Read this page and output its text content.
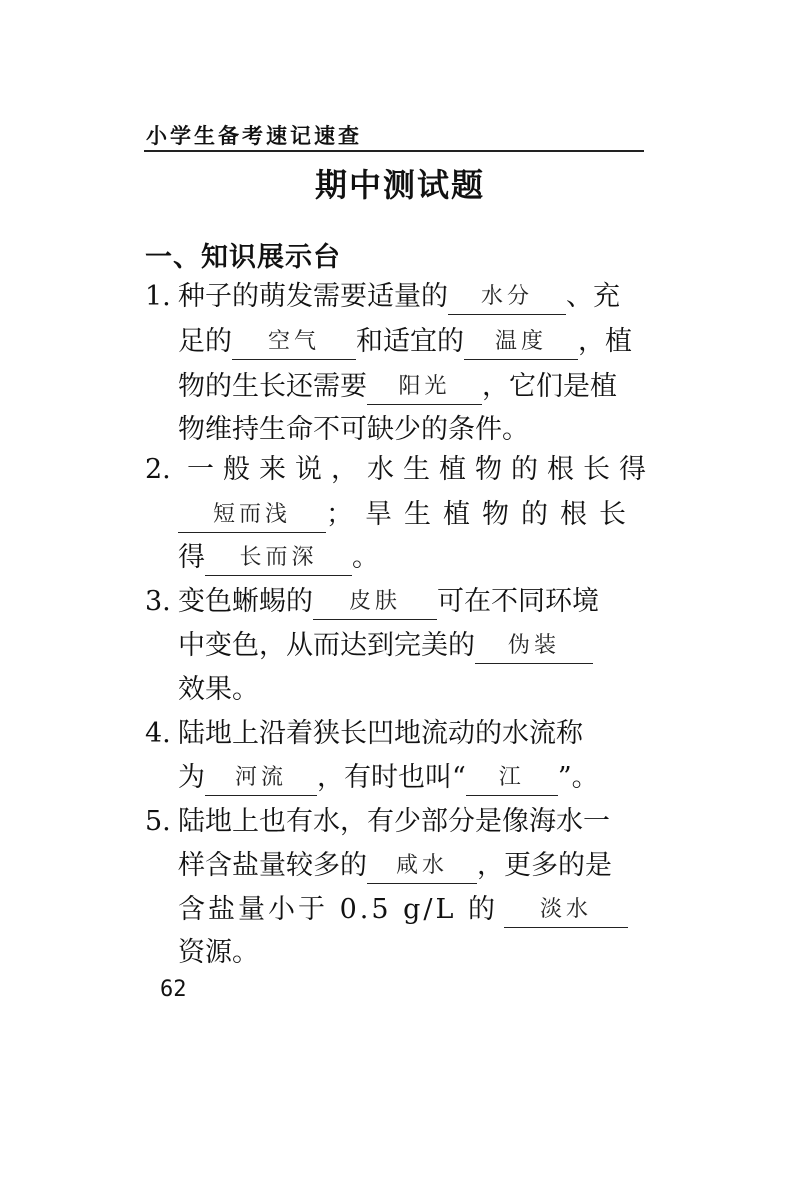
小学生备考速记速查
期中测试题
一、知识展示台
1. 种子的萌发需要适量的 水分 、充
足的 空气 和适宜的 温度 ，植
物的生长还需要 阳光 ，它们是植
物维持生命不可缺少的条件。
2. 一般来说，水生植物的根长得
短而浅 ；旱生植物的根长
得 长而深 。
3. 变色蜥蜴的 皮肤 可在不同环境
中变色，从而达到完美的 伪装
效果。
4. 陆地上沿着狭长凹地流动的水流称
为 河流 ，有时也叫“ 江 ”。
5. 陆地上也有水，有少部分是像海水一
样含盐量较多的 咸水 ，更多的是
含盐量小于 0.5 g/L 的 淡水
资源。
62
